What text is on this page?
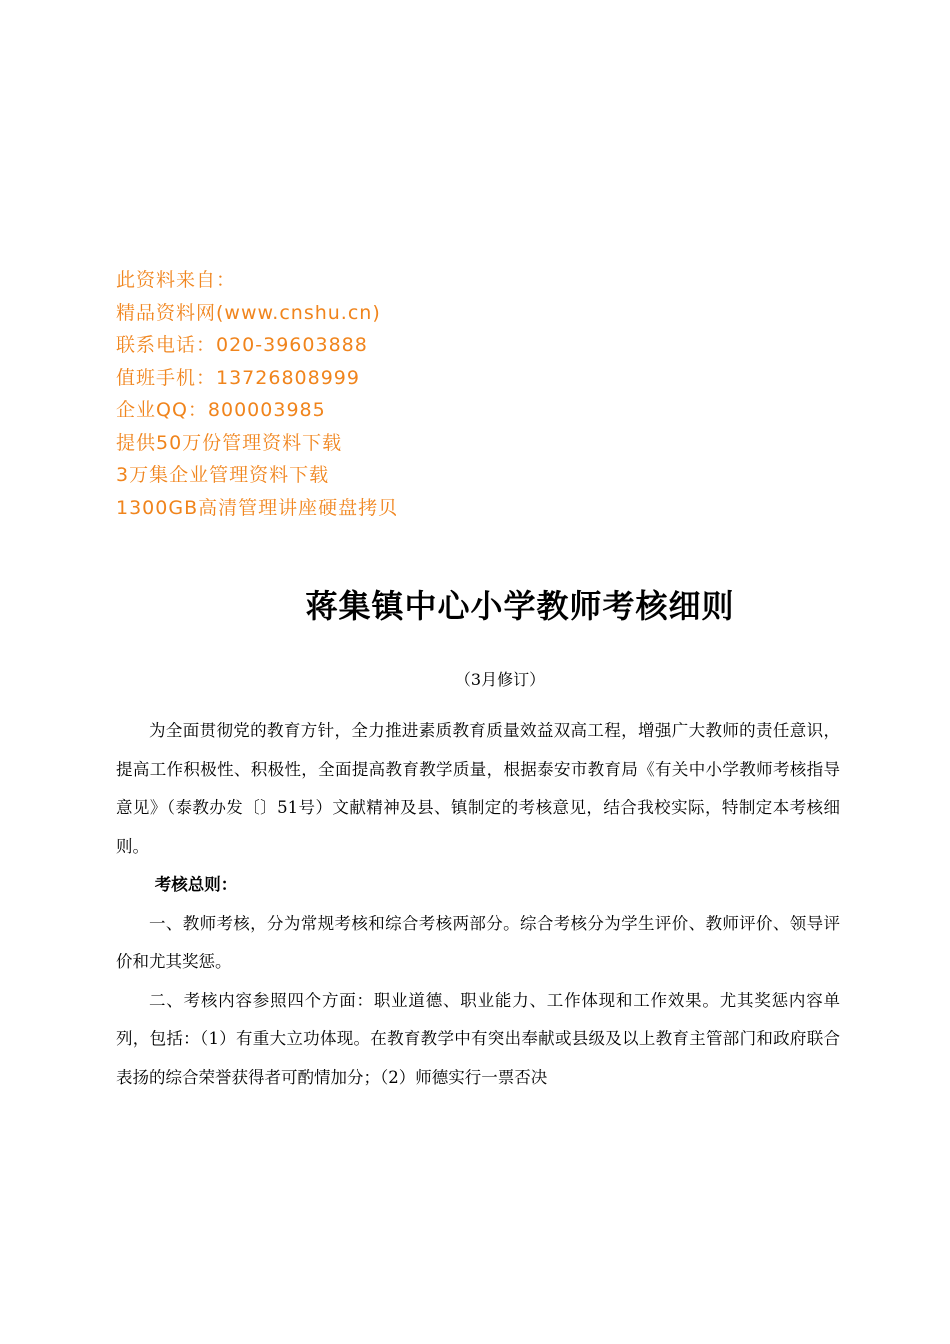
此资料来自：
精品资料网(www.cnshu.cn)
联系电话：020-39603888
值班手机：13726808999
企业QQ：800003985
提供50万份管理资料下载
3万集企业管理资料下载
1300GB高清管理讲座硬盘拷贝
蒋集镇中心小学教师考核细则
（3月修订）

为全面贯彻党的教育方针，全力推进素质教育质量效益双高工程，增强广大教师的责任意识，提高工作积极性、积极性，全面提高教育教学质量，根据泰安市教育局《有关中小学教师考核指导意见》（泰教办发〔〕51号）文献精神及县、镇制定的考核意见，结合我校实际，特制定本考核细则。

考核总则：

一、教师考核，分为常规考核和综合考核两部分。综合考核分为学生评价、教师评价、领导评价和尤其奖惩。

二、考核内容参照四个方面：职业道德、职业能力、工作体现和工作效果。尤其奖惩内容单列，包括：（1）有重大立功体现。在教育教学中有突出奉献或县级及以上教育主管部门和政府联合表扬的综合荣誉获得者可酌情加分；（2）师德实行一票否决
